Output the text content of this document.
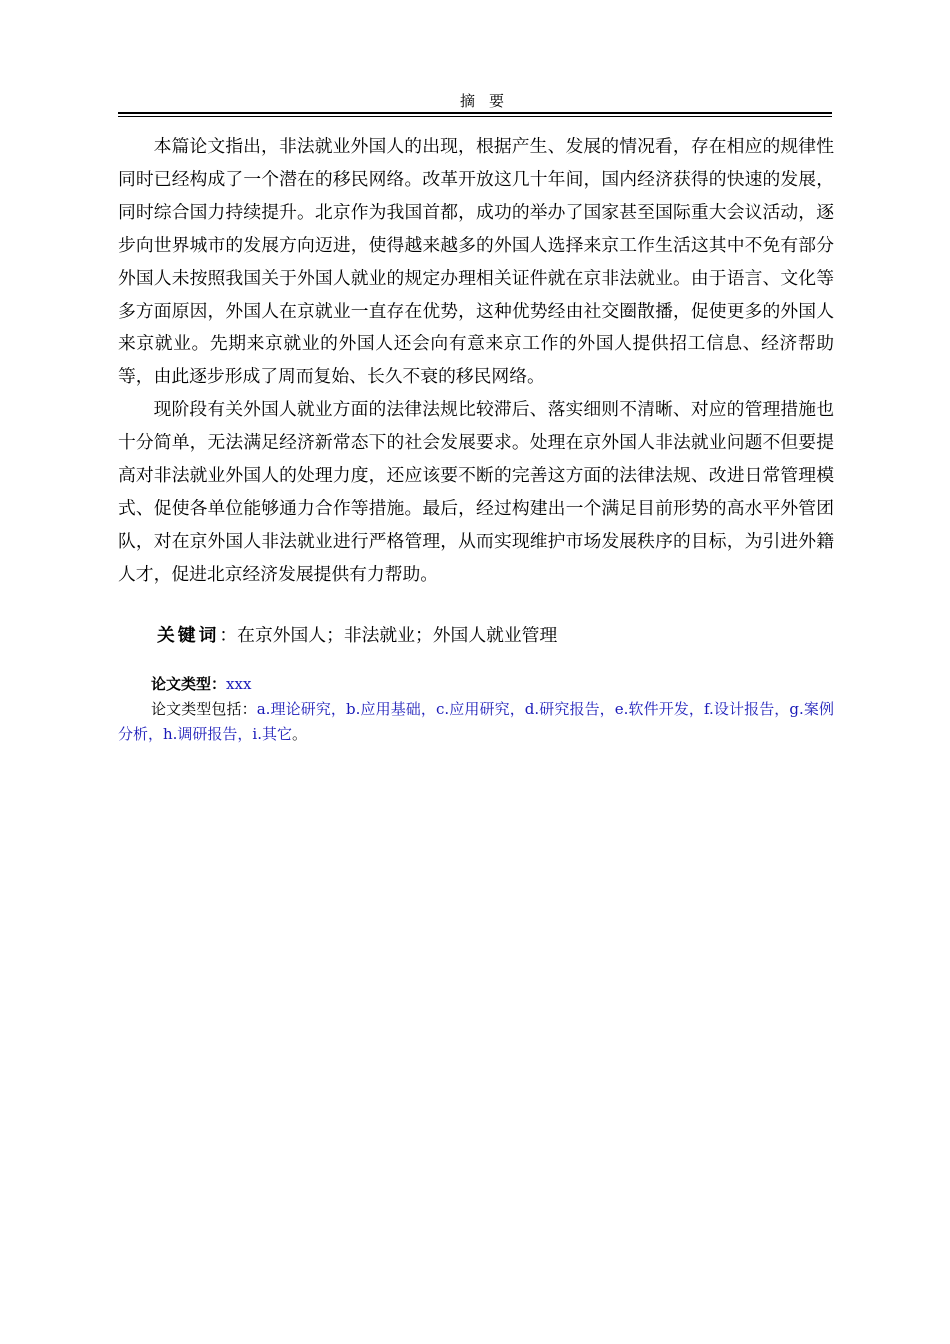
摘要

本篇论文指出，非法就业外国人的出现，根据产生、发展的情况看，存在相应的规律性同时已经构成了一个潜在的移民网络。改革开放这几十年间，国内经济获得的快速的发展，同时综合国力持续提升。北京作为我国首都，成功的举办了国家甚至国际重大会议活动，逐步向世界城市的发展方向迈进，使得越来越多的外国人选择来京工作生活这其中不免有部分外国人未按照我国关于外国人就业的规定办理相关证件就在京非法就业。由于语言、文化等多方面原因，外国人在京就业一直存在优势，这种优势经由社交圈散播，促使更多的外国人来京就业。先期来京就业的外国人还会向有意来京工作的外国人提供招工信息、经济帮助等，由此逐步形成了周而复始、长久不衰的移民网络。

现阶段有关外国人就业方面的法律法规比较滞后、落实细则不清晰、对应的管理措施也十分简单，无法满足经济新常态下的社会发展要求。处理在京外国人非法就业问题不但要提高对非法就业外国人的处理力度，还应该要不断的完善这方面的法律法规、改进日常管理模式、促使各单位能够通力合作等措施。最后，经过构建出一个满足目前形势的高水平外管团队，对在京外国人非法就业进行严格管理，从而实现维护市场发展秩序的目标，为引进外籍人才，促进北京经济发展提供有力帮助。

关键词：在京外国人；非法就业；外国人就业管理
论文类型：xxx
论文类型包括：a.理论研究，b.应用基础，c.应用研究，d.研究报告，e.软件开发，f.设计报告，g.案例分析，h.调研报告，i.其它。
